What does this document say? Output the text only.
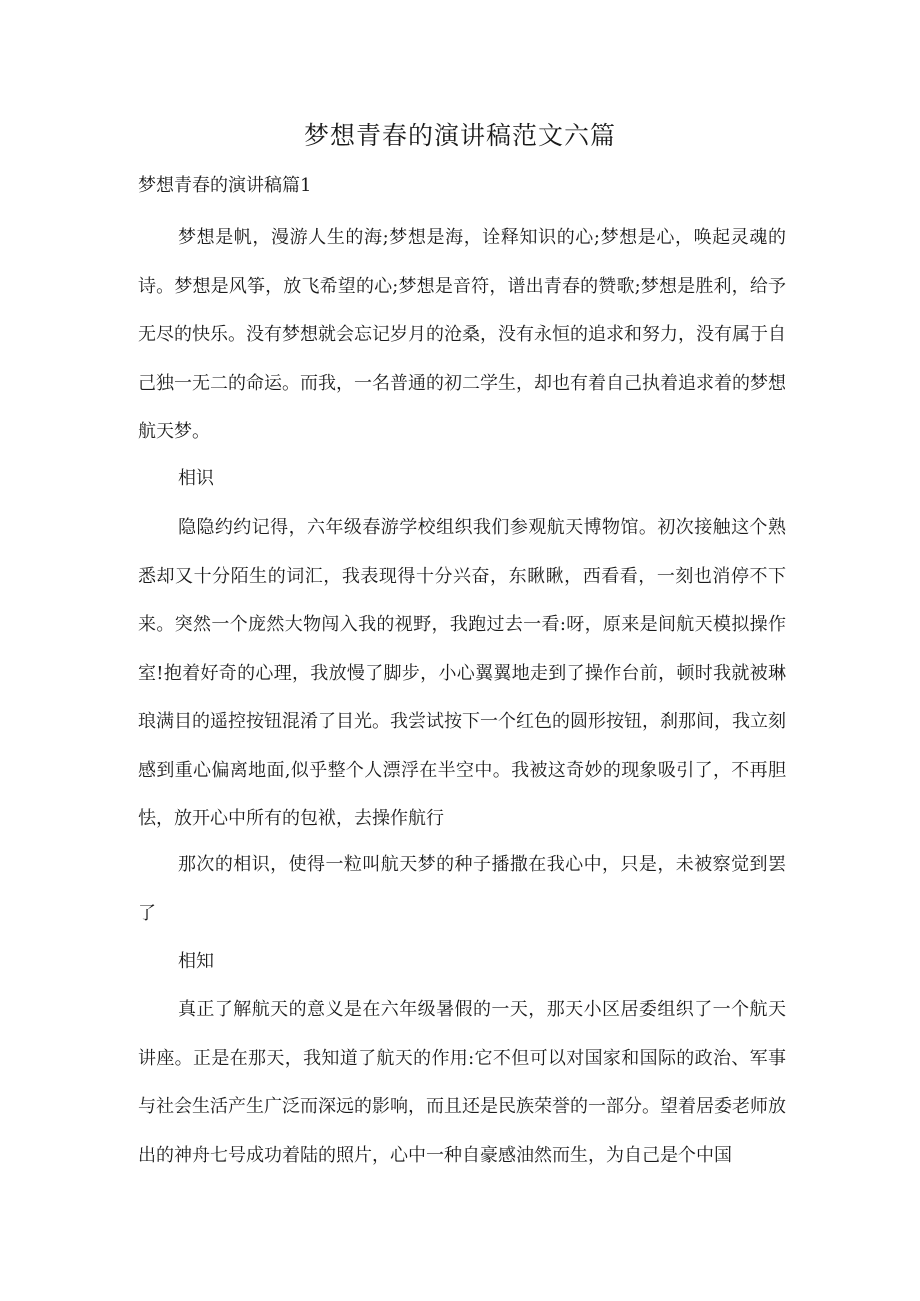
梦想青春的演讲稿范文六篇
梦想青春的演讲稿篇1

梦想是帆，漫游人生的海;梦想是海，诠释知识的心;梦想是心，唤起灵魂的诗。梦想是风筝，放飞希望的心;梦想是音符，谱出青春的赞歌;梦想是胜利，给予无尽的快乐。没有梦想就会忘记岁月的沧桑，没有永恒的追求和努力，没有属于自己独一无二的命运。而我，一名普通的初二学生，却也有着自己执着追求着的梦想航天梦。

相识

隐隐约约记得，六年级春游学校组织我们参观航天博物馆。初次接触这个熟悉却又十分陌生的词汇，我表现得十分兴奋，东瞅瞅，西看看，一刻也消停不下来。突然一个庞然大物闯入我的视野，我跑过去一看:呀，原来是间航天模拟操作室!抱着好奇的心理，我放慢了脚步，小心翼翼地走到了操作台前，顿时我就被琳琅满目的遥控按钮混淆了目光。我尝试按下一个红色的圆形按钮，刹那间，我立刻感到重心偏离地面,似乎整个人漂浮在半空中。我被这奇妙的现象吸引了，不再胆怯，放开心中所有的包袱，去操作航行

那次的相识，使得一粒叫航天梦的种子播撒在我心中，只是，未被察觉到罢了

相知

真正了解航天的意义是在六年级暑假的一天，那天小区居委组织了一个航天讲座。正是在那天，我知道了航天的作用:它不但可以对国家和国际的政治、军事与社会生活产生广泛而深远的影响，而且还是民族荣誉的一部分。望着居委老师放出的神舟七号成功着陆的照片，心中一种自豪感油然而生，为自己是个中国
